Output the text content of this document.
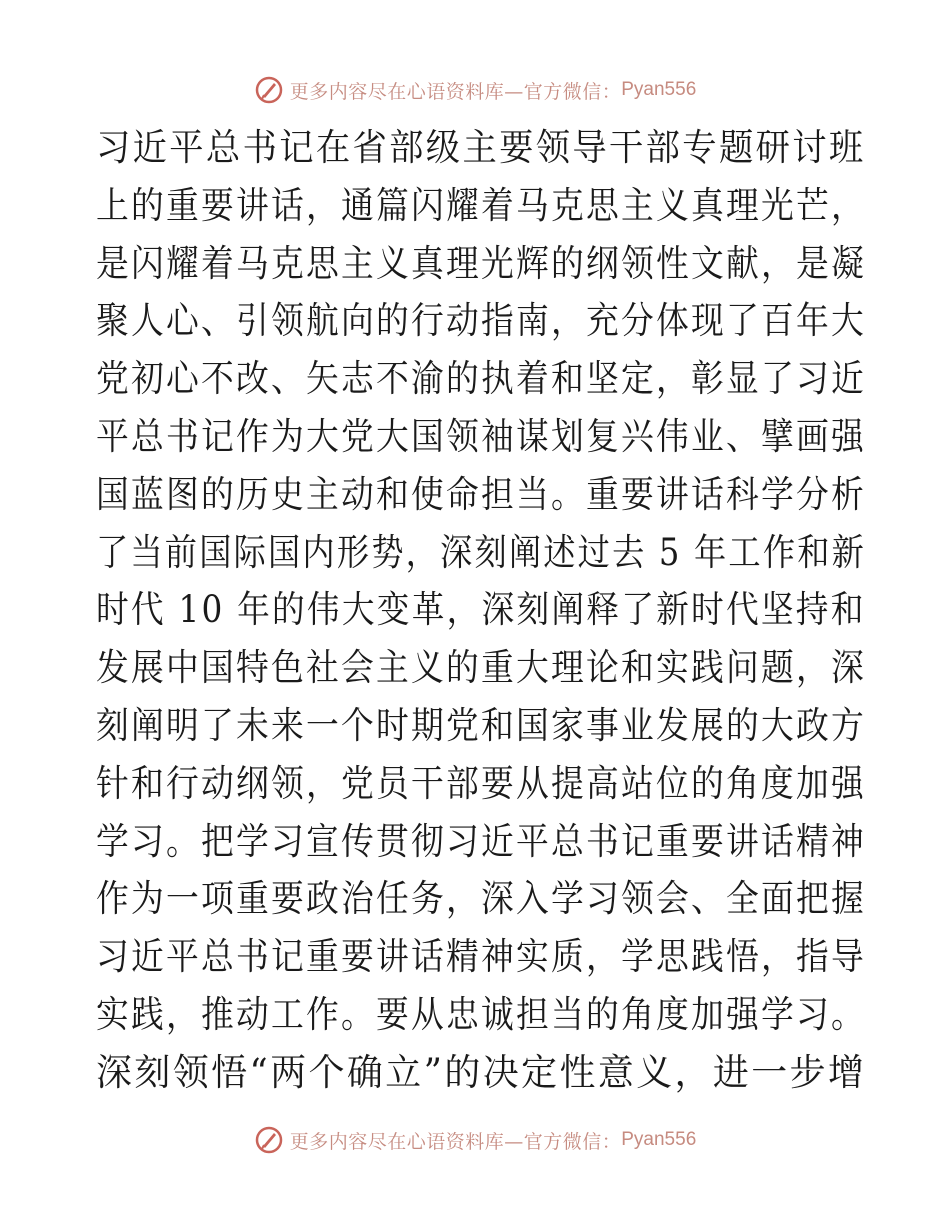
更多内容尽在心语资料库—官方微信： Pyan556
习近平总书记在省部级主要领导干部专题研讨班
上的重要讲话，通篇闪耀着马克思主义真理光芒，
是闪耀着马克思主义真理光辉的纲领性文献，是凝
聚人心、引领航向的行动指南，充分体现了百年大
党初心不改、矢志不渝的执着和坚定，彰显了习近
平总书记作为大党大国领袖谋划复兴伟业、擘画强
国蓝图的历史主动和使命担当。重要讲话科学分析
了当前国际国内形势，深刻阐述过去 5 年工作和新
时代 10 年的伟大变革，深刻阐释了新时代坚持和
发展中国特色社会主义的重大理论和实践问题，深
刻阐明了未来一个时期党和国家事业发展的大政方
针和行动纲领，党员干部要从提高站位的角度加强
学习。把学习宣传贯彻习近平总书记重要讲话精神
作为一项重要政治任务，深入学习领会、全面把握
习近平总书记重要讲话精神实质，学思践悟，指导
实践，推动工作。要从忠诚担当的角度加强学习。
深刻领悟“两个确立”的决定性意义，进一步增
更多内容尽在心语资料库—官方微信： Pyan556
